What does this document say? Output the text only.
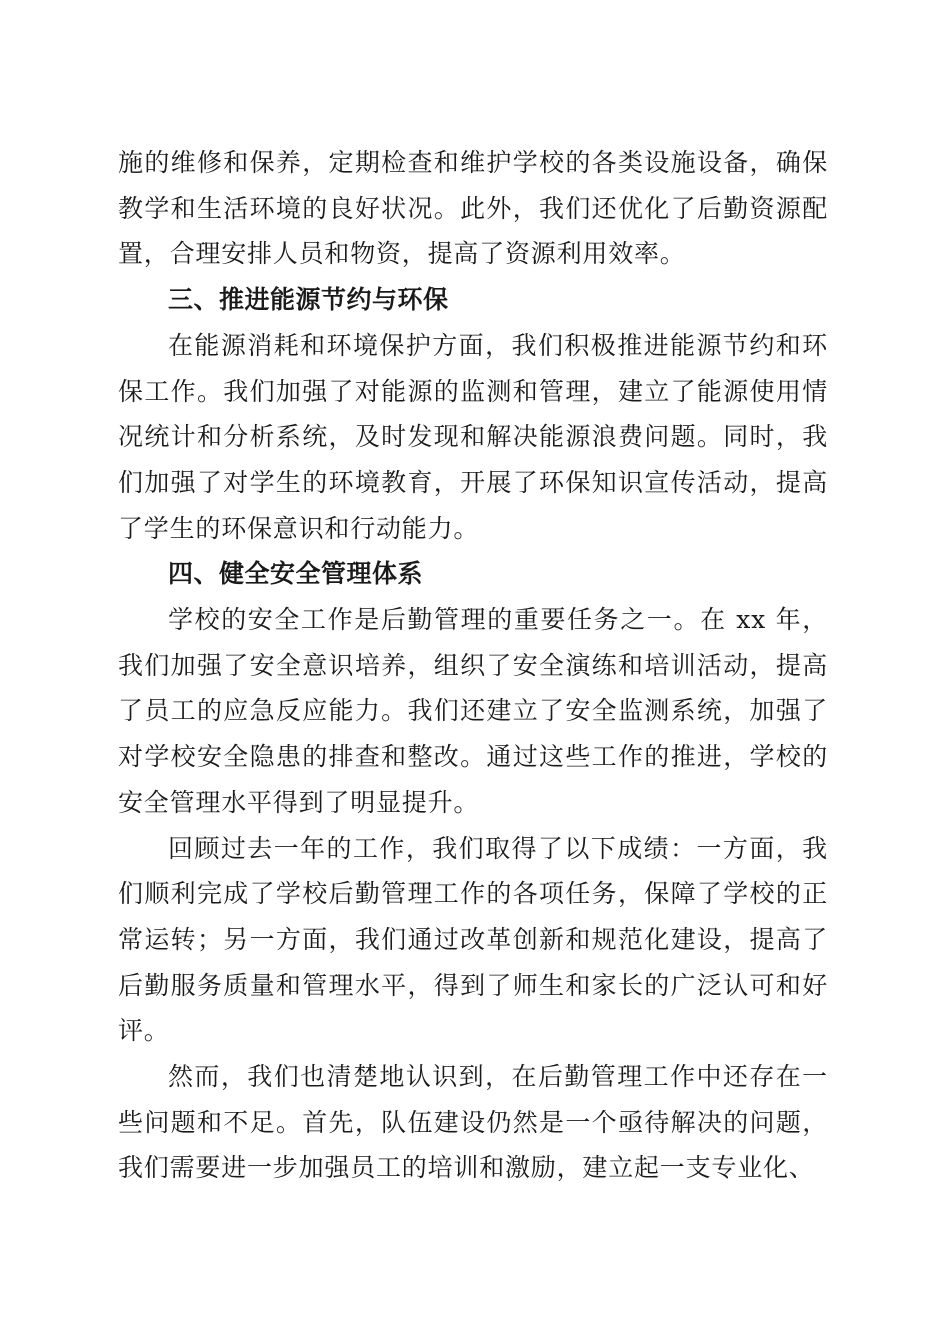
施的维修和保养，定期检查和维护学校的各类设施设备，确保教学和生活环境的良好状况。此外，我们还优化了后勤资源配置，合理安排人员和物资，提高了资源利用效率。

三、推进能源节约与环保

在能源消耗和环境保护方面，我们积极推进能源节约和环保工作。我们加强了对能源的监测和管理，建立了能源使用情况统计和分析系统，及时发现和解决能源浪费问题。同时，我们加强了对学生的环境教育，开展了环保知识宣传活动，提高了学生的环保意识和行动能力。

四、健全安全管理体系

学校的安全工作是后勤管理的重要任务之一。在 xx 年，我们加强了安全意识培养，组织了安全演练和培训活动，提高了员工的应急反应能力。我们还建立了安全监测系统，加强了对学校安全隐患的排查和整改。通过这些工作的推进，学校的安全管理水平得到了明显提升。

回顾过去一年的工作，我们取得了以下成绩：一方面，我们顺利完成了学校后勤管理工作的各项任务，保障了学校的正常运转；另一方面，我们通过改革创新和规范化建设，提高了后勤服务质量和管理水平，得到了师生和家长的广泛认可和好评。

然而，我们也清楚地认识到，在后勤管理工作中还存在一些问题和不足。首先，队伍建设仍然是一个亟待解决的问题，我们需要进一步加强员工的培训和激励，建立起一支专业化、
